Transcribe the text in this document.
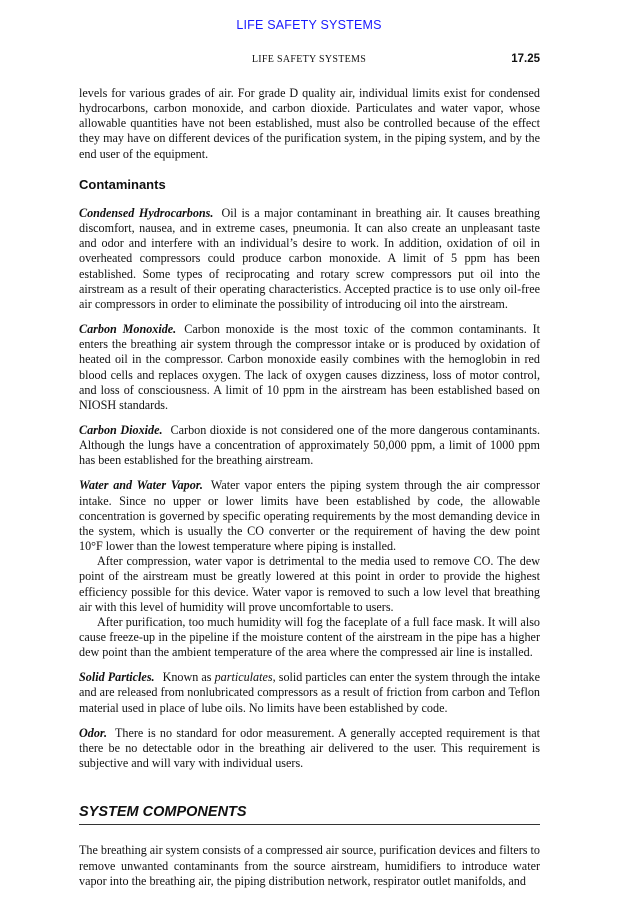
LIFE SAFETY SYSTEMS
LIFE SAFETY SYSTEMS	17.25

levels for various grades of air. For grade D quality air, individual limits exist for condensed hydrocarbons, carbon monoxide, and carbon dioxide. Particulates and water vapor, whose allowable quantities have not been established, must also be controlled because of the effect they may have on different devices of the purification system, in the piping system, and by the end user of the equipment.

Contaminants

Condensed Hydrocarbons. Oil is a major contaminant in breathing air. It causes breathing discomfort, nausea, and in extreme cases, pneumonia. It can also create an unpleasant taste and odor and interfere with an individual’s desire to work. In addition, oxidation of oil in overheated compressors could produce carbon monoxide. A limit of 5 ppm has been established. Some types of reciprocating and rotary screw compressors put oil into the airstream as a result of their operating characteristics. Accepted practice is to use only oil-free air compressors in order to eliminate the possibility of introducing oil into the airstream.

Carbon Monoxide. Carbon monoxide is the most toxic of the common contaminants. It enters the breathing air system through the compressor intake or is produced by oxidation of heated oil in the compressor. Carbon monoxide easily combines with the hemoglobin in red blood cells and replaces oxygen. The lack of oxygen causes dizziness, loss of motor control, and loss of consciousness. A limit of 10 ppm in the airstream has been established based on NIOSH standards.

Carbon Dioxide. Carbon dioxide is not considered one of the more dangerous contaminants. Although the lungs have a concentration of approximately 50,000 ppm, a limit of 1000 ppm has been established for the breathing airstream.

Water and Water Vapor. Water vapor enters the piping system through the air compressor intake. Since no upper or lower limits have been established by code, the allowable concentration is governed by specific operating requirements by the most demanding device in the system, which is usually the CO converter or the requirement of having the dew point 10°F lower than the lowest temperature where piping is installed.

After compression, water vapor is detrimental to the media used to remove CO. The dew point of the airstream must be greatly lowered at this point in order to provide the highest efficiency possible for this device. Water vapor is removed to such a low level that breathing air with this level of humidity will prove uncomfortable to users.

After purification, too much humidity will fog the faceplate of a full face mask. It will also cause freeze-up in the pipeline if the moisture content of the airstream in the pipe has a higher dew point than the ambient temperature of the area where the compressed air line is installed.

Solid Particles. Known as particulates, solid particles can enter the system through the intake and are released from nonlubricated compressors as a result of friction from carbon and Teflon material used in place of lube oils. No limits have been established by code.

Odor. There is no standard for odor measurement. A generally accepted requirement is that there be no detectable odor in the breathing air delivered to the user. This requirement is subjective and will vary with individual users.

SYSTEM COMPONENTS

The breathing air system consists of a compressed air source, purification devices and filters to remove unwanted contaminants from the source airstream, humidifiers to introduce water vapor into the breathing air, the piping distribution network, respirator outlet manifolds, and
